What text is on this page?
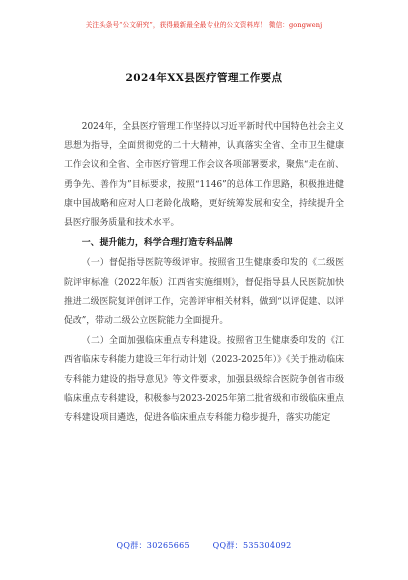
关注头条号“公文研究”，获得最新最全最专业的公文资料库！ 微信：gongwenj
2024年XX县医疗管理工作要点

2024年，全县医疗管理工作坚持以习近平新时代中国特色社会主义思想为指导，全面贯彻党的二十大精神，认真落实全省、全市卫生健康工作会议和全省、全市医疗管理工作会议各项部署要求，聚焦“走在前、勇争先、善作为”目标要求，按照“1146”的总体工作思路，积极推进健康中国战略和应对人口老龄化战略，更好统筹发展和安全，持续提升全县医疗服务质量和技术水平。

一、提升能力，科学合理打造专科品牌

（一）督促指导医院等级评审。按照省卫生健康委印发的《二级医院评审标准（2022年版）江西省实施细则》，督促指导县人民医院加快推进二级医院复评创评工作，完善评审相关材料，做到“以评促建、以评促改”，带动二级公立医院能力全面提升。

（二）全面加强临床重点专科建设。按照省卫生健康委印发的《江西省临床专科能力建设三年行动计划（2023-2025年）》《关于推动临床专科能力建设的指导意见》等文件要求，加强县级综合医院争创省市级临床重点专科建设，积极参与2023-2025年第二批省级和市级临床重点专科建设项目遴选，促进各临床重点专科能力稳步提升，落实功能定

QQ群：30265665        QQ群：535304092
